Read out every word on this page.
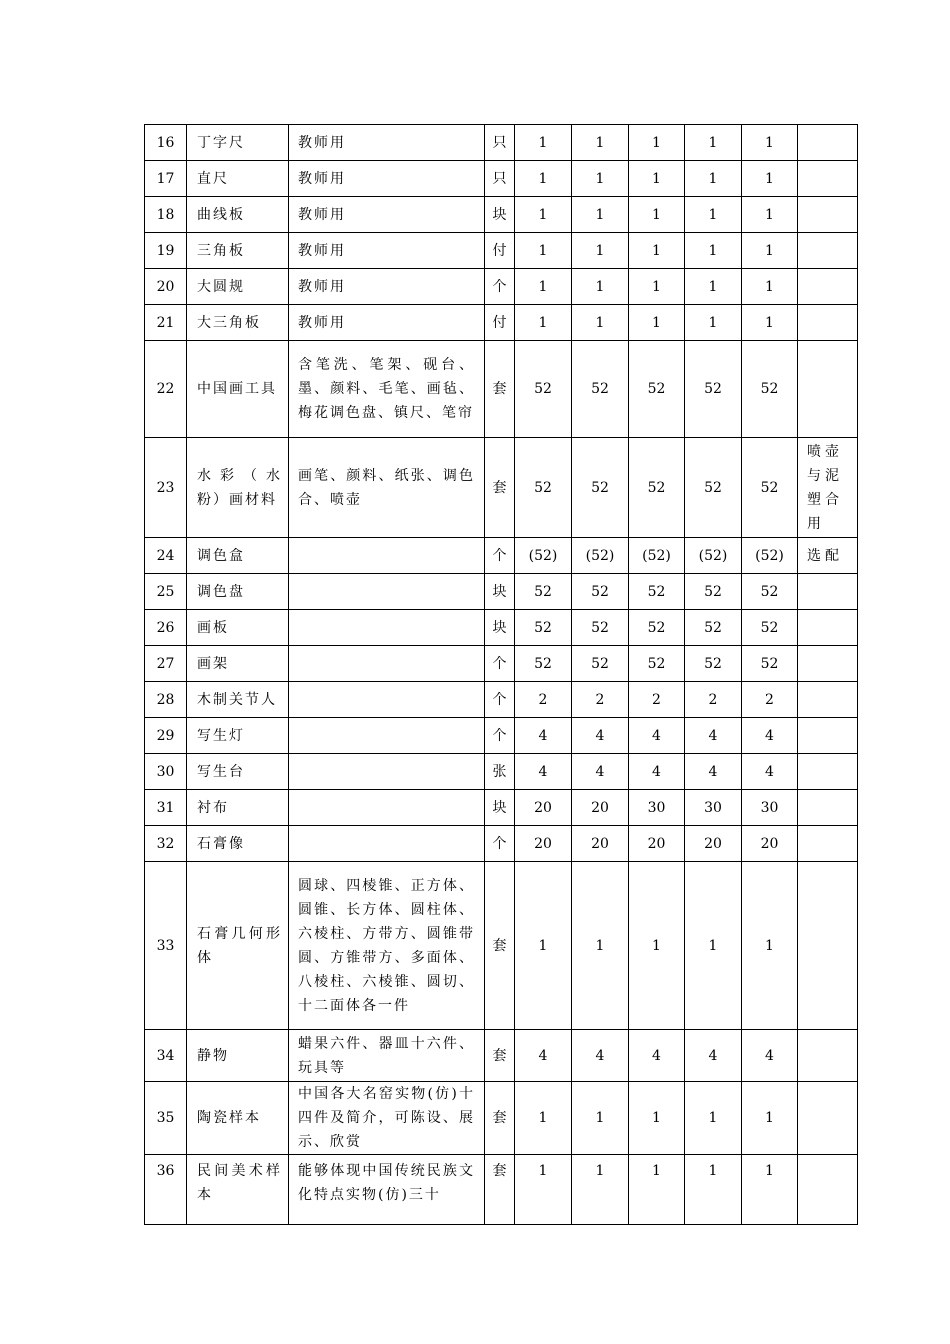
16	丁字尺	教师用	只	1	1	1	1	1	
17	直尺	教师用	只	1	1	1	1	1	
18	曲线板	教师用	块	1	1	1	1	1	
19	三角板	教师用	付	1	1	1	1	1	
20	大圆规	教师用	个	1	1	1	1	1	
21	大三角板	教师用	付	1	1	1	1	1	
22	中国画工具	含笔洗、笔架、砚台、墨、颜料、毛笔、画毡、梅花调色盘、镇尺、笔帘	套	52	52	52	52	52	
23	水彩（水粉）画材料	画笔、颜料、纸张、调色合、喷壶	套	52	52	52	52	52	喷壶与泥塑合用
24	调色盒		个	(52)	(52)	(52)	(52)	(52)	选配
25	调色盘		块	52	52	52	52	52	
26	画板		块	52	52	52	52	52	
27	画架		个	52	52	52	52	52	
28	木制关节人		个	2	2	2	2	2	
29	写生灯		个	4	4	4	4	4	
30	写生台		张	4	4	4	4	4	
31	衬布		块	20	20	30	30	30	
32	石膏像		个	20	20	20	20	20	
33	石膏几何形体	圆球、四棱锥、正方体、圆锥、长方体、圆柱体、六棱柱、方带方、圆锥带圆、方锥带方、多面体、八棱柱、六棱锥、圆切、十二面体各一件	套	1	1	1	1	1	
34	静物	蜡果六件、器皿十六件、玩具等	套	4	4	4	4	4	
35	陶瓷样本	中国各大名窑实物(仿)十四件及简介，可陈设、展示、欣赏	套	1	1	1	1	1	
36	民间美术样本	能够体现中国传统民族文化特点实物(仿)三十	套	1	1	1	1	1	
